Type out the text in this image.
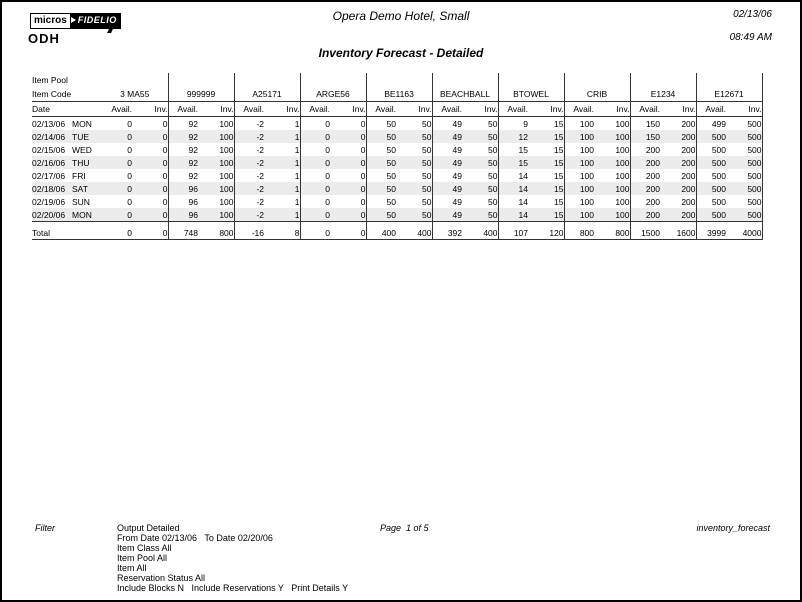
micros	FIDELIO
ODH
Opera Demo Hotel, Small
Inventory Forecast - Detailed
02/13/06
08:49 AM
Item Pool																					
Item Code		3 MA55		999999		A25171		ARGE56		BE1163		BEACHBALL		BTOWEL		CRIB		E1234		E12671	
Date		Avail.	Inv.	Avail.	Inv.	Avail.	Inv.	Avail.	Inv.	Avail.	Inv.	Avail.	Inv.	Avail.	Inv.	Avail.	Inv.	Avail.	Inv.	Avail.	Inv.
02/13/06	MON	0	0	92	100	-2	1	0	0	50	50	49	50	9	15	100	100	150	200	499	500
02/14/06	TUE	0	0	92	100	-2	1	0	0	50	50	49	50	12	15	100	100	150	200	500	500
02/15/06	WED	0	0	92	100	-2	1	0	0	50	50	49	50	15	15	100	100	200	200	500	500
02/16/06	THU	0	0	92	100	-2	1	0	0	50	50	49	50	15	15	100	100	200	200	500	500
02/17/06	FRI	0	0	92	100	-2	1	0	0	50	50	49	50	14	15	100	100	200	200	500	500
02/18/06	SAT	0	0	96	100	-2	1	0	0	50	50	49	50	14	15	100	100	200	200	500	500
02/19/06	SUN	0	0	96	100	-2	1	0	0	50	50	49	50	14	15	100	100	200	200	500	500
02/20/06	MON	0	0	96	100	-2	1	0	0	50	50	49	50	14	15	100	100	200	200	500	500
Total		0	0	748	800	-16	8	0	0	400	400	392	400	107	120	800	800	1500	1600	3999	4000
Filter	Output Detailed
From Date 02/13/06   To Date 02/20/06
Item Class All
Item Pool All
Item All
Reservation Status All
Include Blocks N   Include Reservations Y   Print Details Y
Page  1 of 5	inventory_forecast
